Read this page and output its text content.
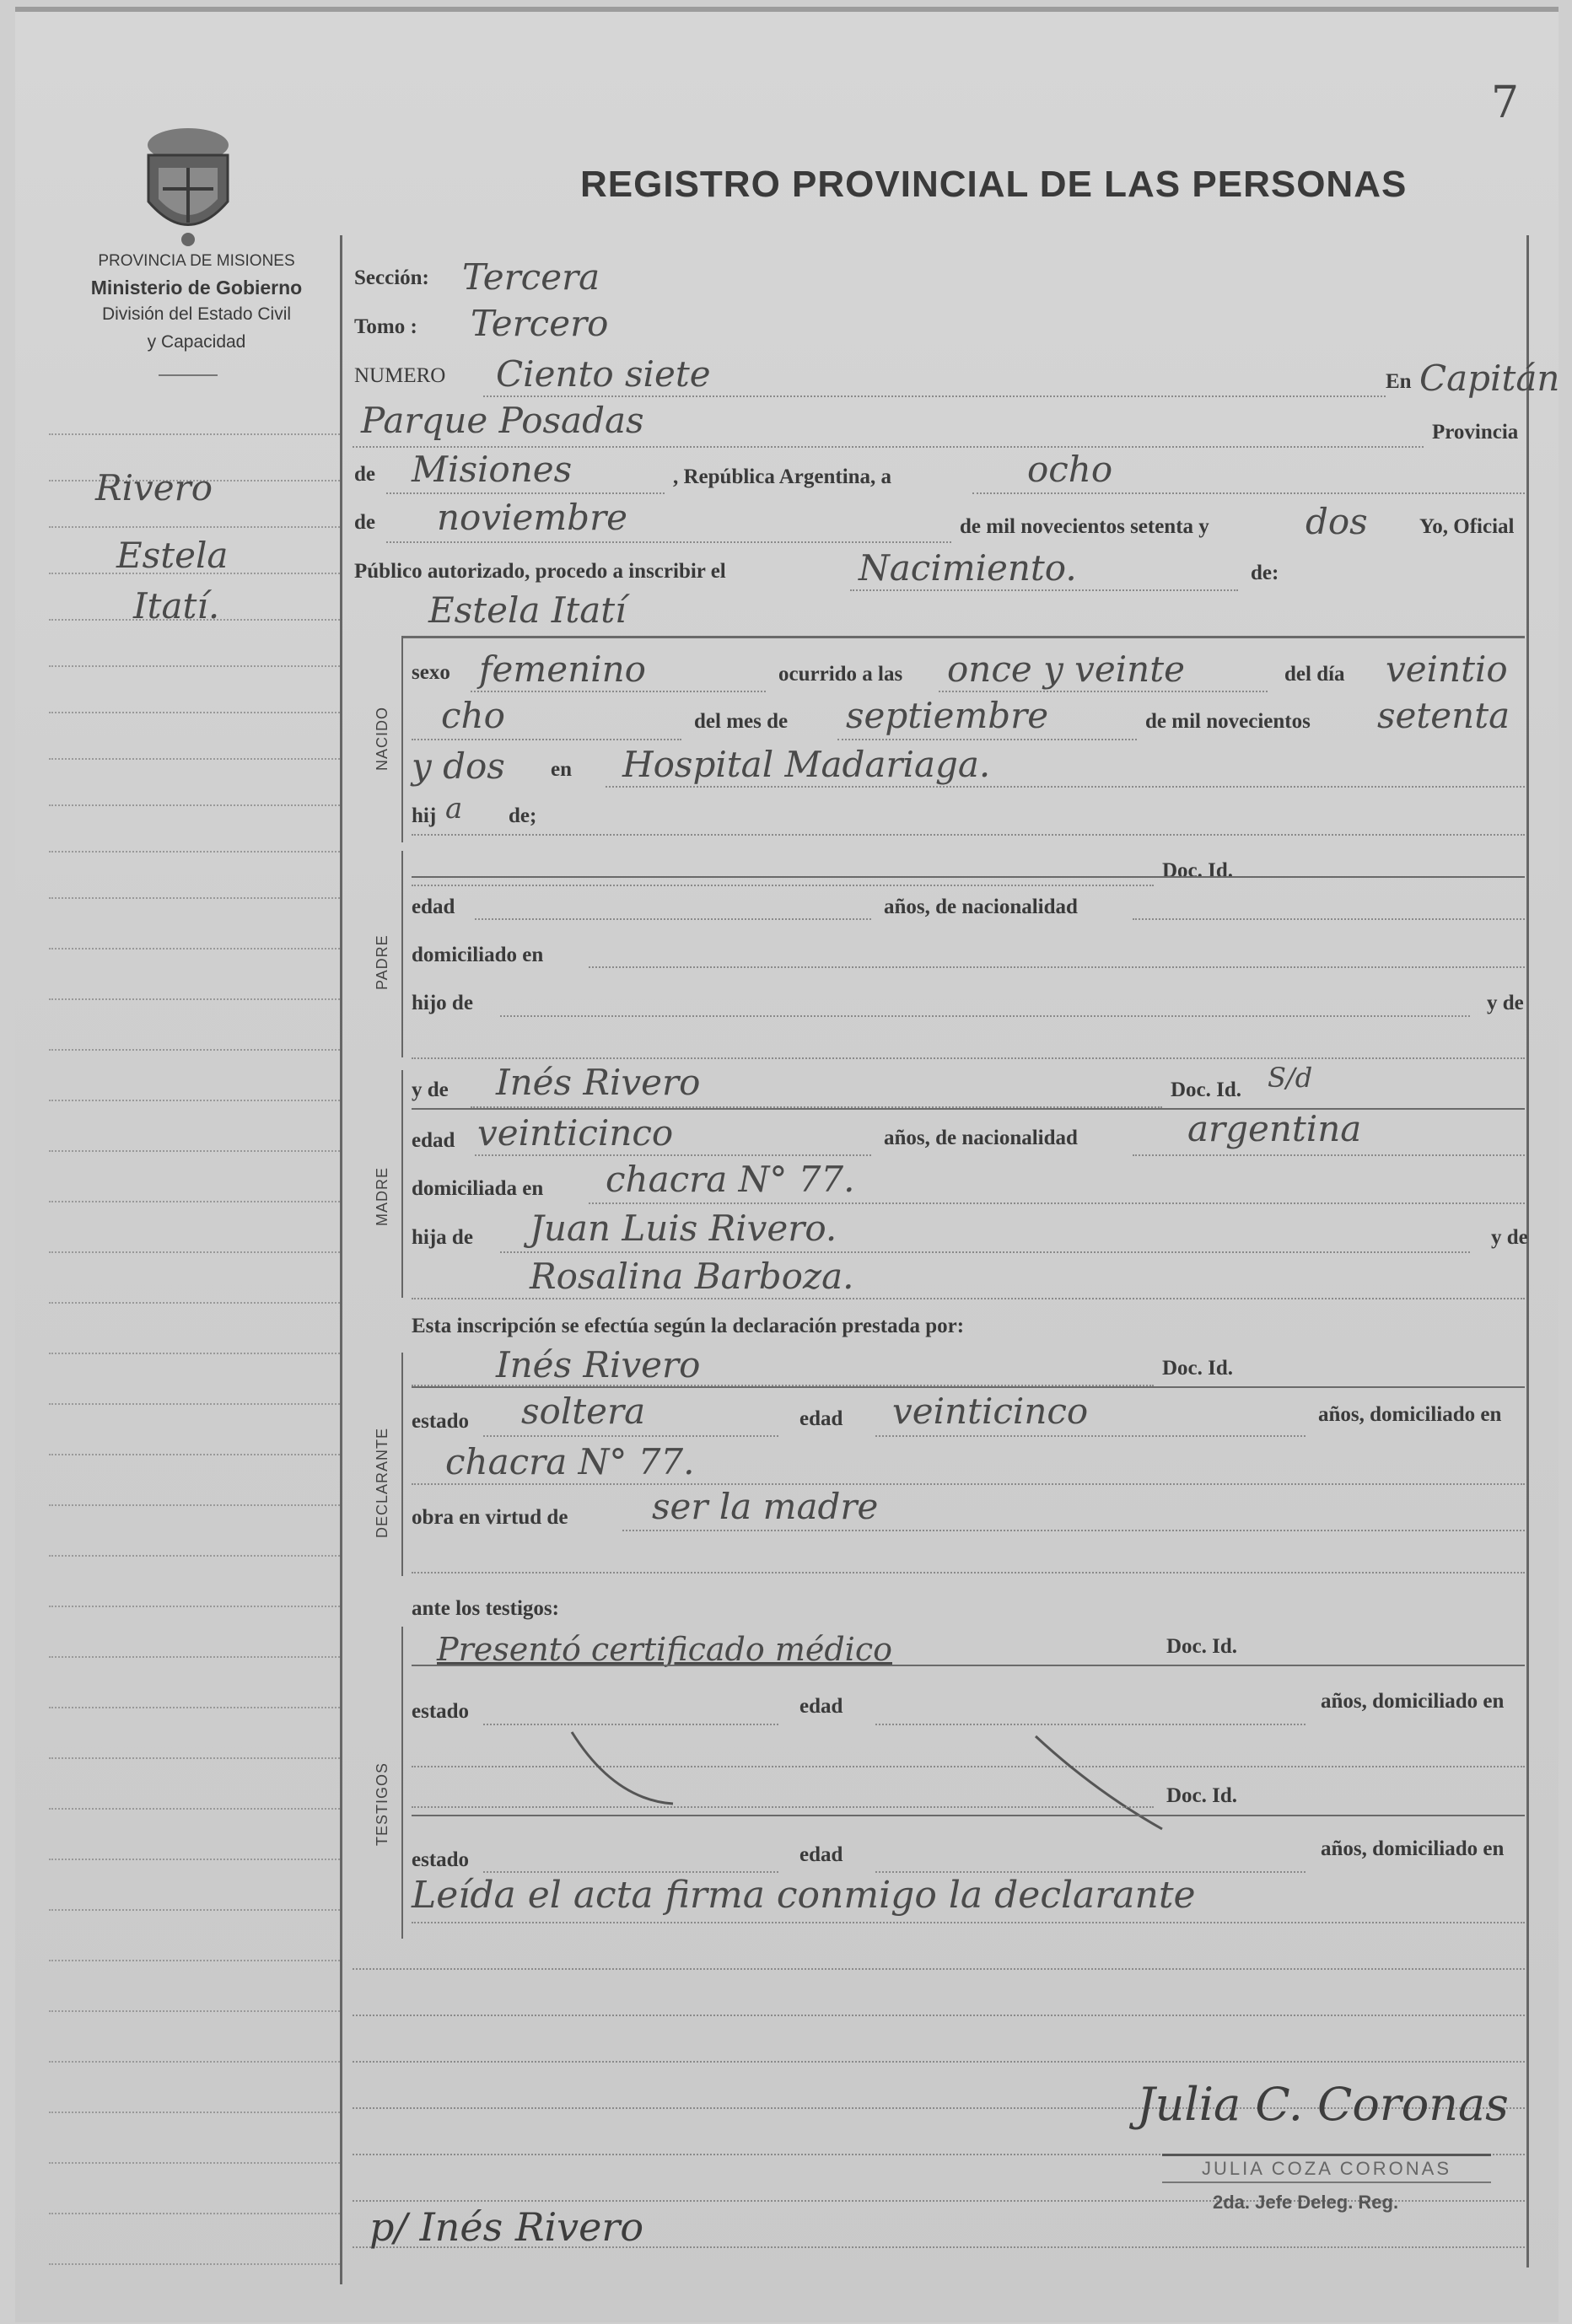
7
PROVINCIA DE MISIONES
Ministerio de Gobierno
División del Estado Civil
y Capacidad
REGISTRO PROVINCIAL DE LAS PERSONAS
Rivero
Estela
Itatí.
Sección: Tercera
Tomo : Tercero
NUMERO Ciento siete	En Capitán
Parque Posadas	Provincia
de Misiones	, República Argentina, a	ocho
de noviembre	de mil novecientos setenta y	dos Yo, Oficial
Público autorizado, procedo a inscribir el	Nacimiento.	de:
Estela Itatí
NACIDO
sexo femenino	ocurrido a las once y veinte	del día veintio
cho	del mes de septiembre	de mil novecientos setenta
y dos en Hospital Madariaga.
hij a de;
PADRE
Doc. Id.
edad	años, de nacionalidad
domiciliado en
hijo de	y de
MADRE
y de Inés Rivero	Doc. Id. S/d
edad veinticinco	años, de nacionalidad	argentina
domiciliada en chacra N° 77.
hija de Juan Luis Rivero.	y de
Rosalina Barboza.
Esta inscripción se efectúa según la declaración prestada por:
DECLARANTE
Inés Rivero	Doc. Id.
estado soltera	edad veinticinco	años, domiciliado en
chacra N° 77.
obra en virtud de ser la madre
ante los testigos:
TESTIGOS
Presentó certificado médico	Doc. Id.
estado	edad	años, domiciliado en
Doc. Id.
estado	edad	años, domiciliado en
Leída el acta firma conmigo la declarante
Julia C. Coronas
JULIA COZA CORONAS
2da. Jefe Deleg. Reg.
p/ Inés Rivero
